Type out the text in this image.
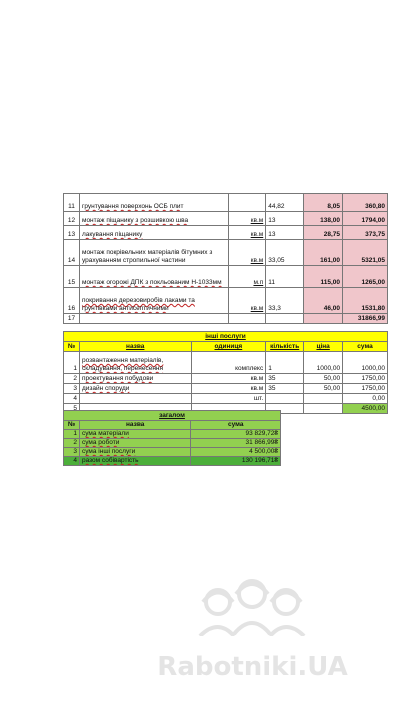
11	грунтування поверхонь ОСБ плит		44,82	8,05	360,80
12	монтаж піщанику з розшивкою шва	кв.м	13	138,00	1794,00
13	лакування піщанику	кв.м	13	28,75	373,75
14	монтаж покрівельних матеріалів бітумних з урахуванням стропильної частини	кв.м	33,05	161,00	5321,05
15	монтаж огорожі ДПК з покльованим Н-1033мм	м.п	11	115,00	1265,00
16	покривання дерезовиробів лаками та грунтівками антисептичними	кв.м	33,3	46,00	1531,80
17					31866,99
інші послуги					
№	назва	одиниця	кількість	ціна	сума
1	розвантаження матеріалів, складування, перенесення	комплекс	1	1000,00	1000,00
2	проектування побудови	кв.м	35	50,00	1750,00
3	дизайн споруди	кв.м	35	50,00	1750,00
4		шт.			0,00
5					4500,00
загалом		
№	назва	сума
1	сума матеріали	93 829,72₴
2	сума роботи	31 866,99₴
3	сума інші послуги	4 500,00₴
4	разом собівартість	130 196,71₴
Rabotniki.UA
